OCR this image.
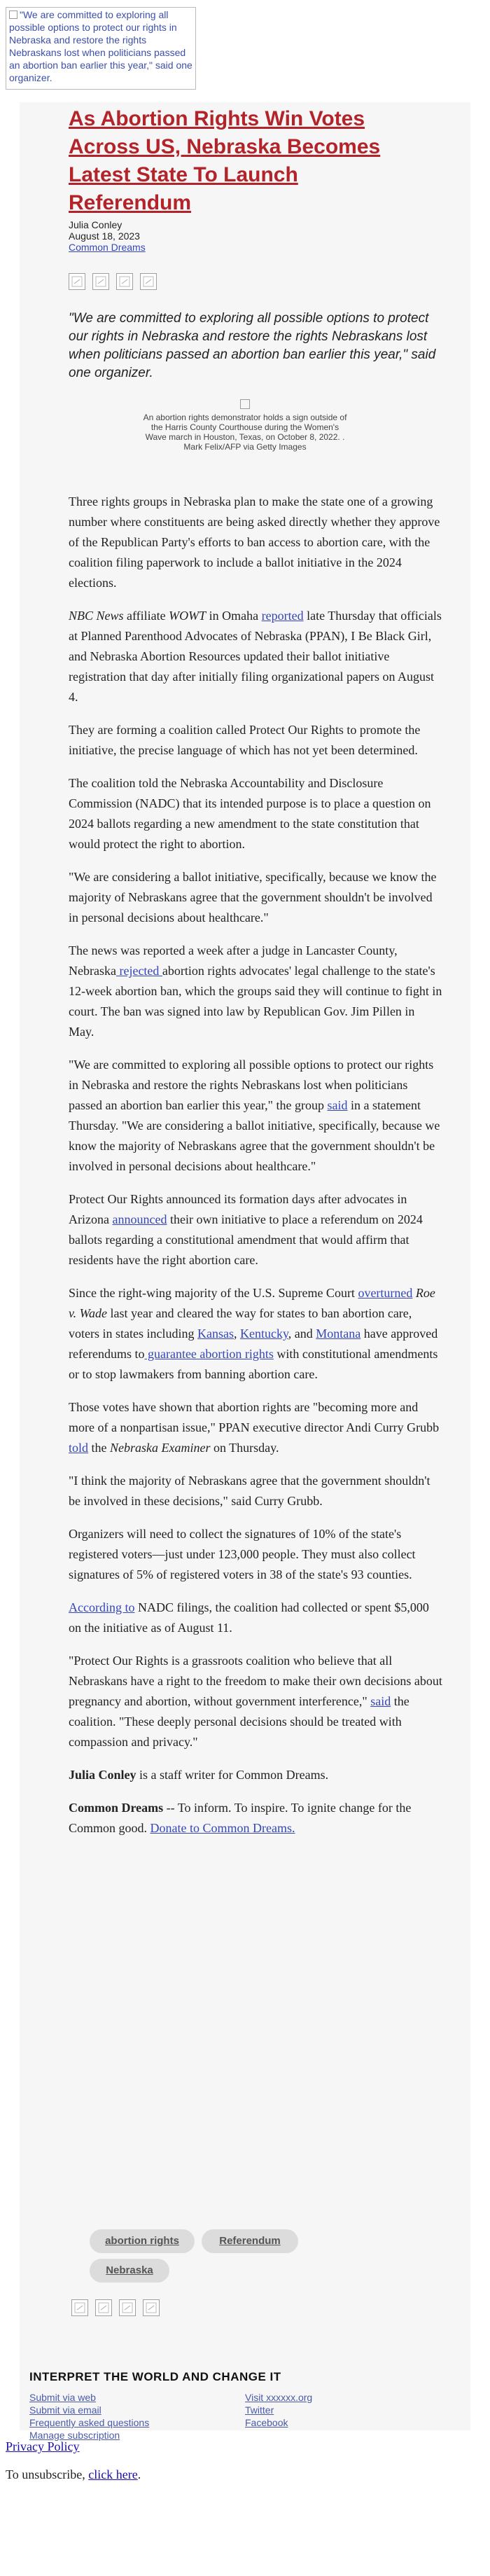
"We are committed to exploring all possible options to protect our rights in Nebraska and restore the rights Nebraskans lost when politicians passed an abortion ban earlier this year," said one organizer.
As Abortion Rights Win Votes Across US, Nebraska Becomes Latest State To Launch Referendum
Julia Conley
August 18, 2023
Common Dreams

"We are committed to exploring all possible options to protect our rights in Nebraska and restore the rights Nebraskans lost when politicians passed an abortion ban earlier this year," said one organizer.

An abortion rights demonstrator holds a sign outside of the Harris County Courthouse during the Women's Wave march in Houston, Texas, on October 8, 2022. . Mark Felix/AFP via Getty Images

Three rights groups in Nebraska plan to make the state one of a growing number where constituents are being asked directly whether they approve of the Republican Party's efforts to ban access to abortion care, with the coalition filing paperwork to include a ballot initiative in the 2024 elections.

NBC News affiliate WOWT in Omaha reported late Thursday that officials at Planned Parenthood Advocates of Nebraska (PPAN), I Be Black Girl, and Nebraska Abortion Resources updated their ballot initiative registration that day after initially filing organizational papers on August 4.

They are forming a coalition called Protect Our Rights to promote the initiative, the precise language of which has not yet been determined.

The coalition told the Nebraska Accountability and Disclosure Commission (NADC) that its intended purpose is to place a question on 2024 ballots regarding a new amendment to the state constitution that would protect the right to abortion.

"We are considering a ballot initiative, specifically, because we know the majority of Nebraskans agree that the government shouldn't be involved in personal decisions about healthcare."

The news was reported a week after a judge in Lancaster County, Nebraska rejected abortion rights advocates' legal challenge to the state's 12-week abortion ban, which the groups said they will continue to fight in court. The ban was signed into law by Republican Gov. Jim Pillen in May.

"We are committed to exploring all possible options to protect our rights in Nebraska and restore the rights Nebraskans lost when politicians passed an abortion ban earlier this year," the group said in a statement Thursday. "We are considering a ballot initiative, specifically, because we know the majority of Nebraskans agree that the government shouldn't be involved in personal decisions about healthcare."

Protect Our Rights announced its formation days after advocates in Arizona announced their own initiative to place a referendum on 2024 ballots regarding a constitutional amendment that would affirm that residents have the right abortion care.

Since the right-wing majority of the U.S. Supreme Court overturned Roe v. Wade last year and cleared the way for states to ban abortion care, voters in states including Kansas, Kentucky, and Montana have approved referendums to guarantee abortion rights with constitutional amendments or to stop lawmakers from banning abortion care.

Those votes have shown that abortion rights are "becoming more and more of a nonpartisan issue," PPAN executive director Andi Curry Grubb told the Nebraska Examiner on Thursday.

"I think the majority of Nebraskans agree that the government shouldn't be involved in these decisions," said Curry Grubb.

Organizers will need to collect the signatures of 10% of the state's registered voters—just under 123,000 people. They must also collect signatures of 5% of registered voters in 38 of the state's 93 counties.

According to NADC filings, the coalition had collected or spent $5,000 on the initiative as of August 11.

"Protect Our Rights is a grassroots coalition who believe that all Nebraskans have a right to the freedom to make their own decisions about pregnancy and abortion, without government interference," said the coalition. "These deeply personal decisions should be treated with compassion and privacy."

Julia Conley is a staff writer for Common Dreams.

Common Dreams -- To inform. To inspire. To ignite change for the Common good. Donate to Common Dreams.

abortion rights	Referendum
Nebraska
INTERPRET THE WORLD AND CHANGE IT
Submit via web
Submit via email
Frequently asked questions
Manage subscription
Visit xxxxxx.org
Twitter
Facebook
Privacy Policy
To unsubscribe, click here.
